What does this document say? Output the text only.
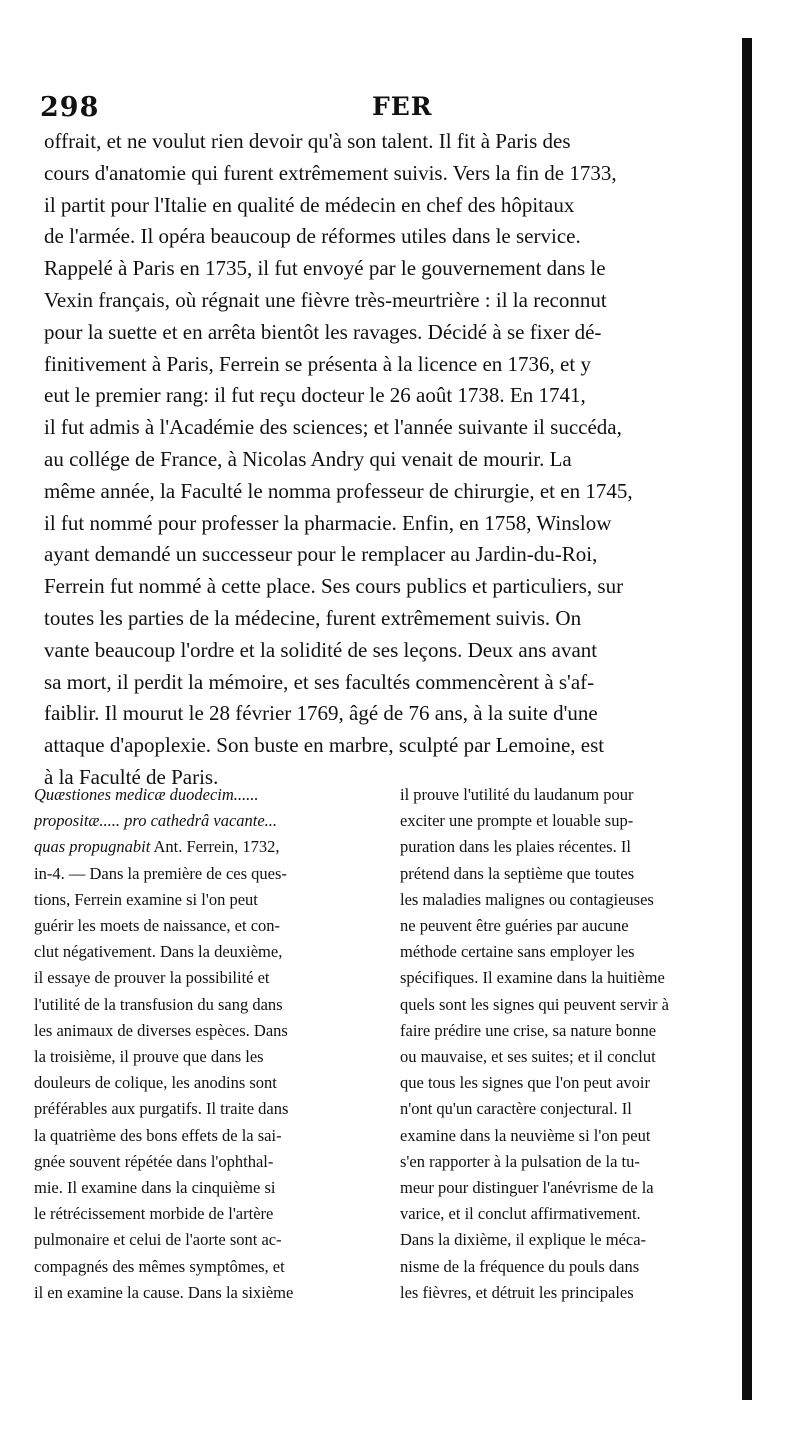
298	FER

offrait, et ne voulut rien devoir qu'à son talent. Il fit à Paris des
cours d'anatomie qui furent extrêmement suivis. Vers la fin de 1733,
il partit pour l'Italie en qualité de médecin en chef des hôpitaux
de l'armée. Il opéra beaucoup de réformes utiles dans le service.
Rappelé à Paris en 1735, il fut envoyé par le gouvernement dans le
Vexin français, où régnait une fièvre très-meurtrière : il la reconnut
pour la suette et en arrêta bientôt les ravages. Décidé à se fixer dé-
finitivement à Paris, Ferrein se présenta à la licence en 1736, et y
eut le premier rang: il fut reçu docteur le 26 août 1738. En 1741,
il fut admis à l'Académie des sciences; et l'année suivante il succéda,
au collége de France, à Nicolas Andry qui venait de mourir. La
même année, la Faculté le nomma professeur de chirurgie, et en 1745,
il fut nommé pour professer la pharmacie. Enfin, en 1758, Winslow
ayant demandé un successeur pour le remplacer au Jardin-du-Roi,
Ferrein fut nommé à cette place. Ses cours publics et particuliers, sur
toutes les parties de la médecine, furent extrêmement suivis. On
vante beaucoup l'ordre et la solidité de ses leçons. Deux ans avant
sa mort, il perdit la mémoire, et ses facultés commencèrent à s'af-
faiblir. Il mourut le 28 février 1769, âgé de 76 ans, à la suite d'une
attaque d'apoplexie. Son buste en marbre, sculpté par Lemoine, est
à la Faculté de Paris.

Quæstiones medicæ duodecim......
propositæ..... pro cathedrâ vacante...
quas propugnabit Ant. Ferrein, 1732,
in-4. — Dans la première de ces ques-
tions, Ferrein examine si l'on peut
guérir les moets de naissance, et con-
clut négativement. Dans la deuxième,
il essaye de prouver la possibilité et
l'utilité de la transfusion du sang dans
les animaux de diverses espèces. Dans
la troisième, il prouve que dans les
douleurs de colique, les anodins sont
préférables aux purgatifs. Il traite dans
la quatrième des bons effets de la sai-
gnée souvent répétée dans l'ophthal-
mie. Il examine dans la cinquième si
le rétrécissement morbide de l'artère
pulmonaire et celui de l'aorte sont ac-
compagnés des mêmes symptômes, et
il en examine la cause. Dans la sixième

il prouve l'utilité du laudanum pour
exciter une prompte et louable sup-
puration dans les plaies récentes. Il
prétend dans la septième que toutes
les maladies malignes ou contagieuses
ne peuvent être guéries par aucune
méthode certaine sans employer les
spécifiques. Il examine dans la huitième
quels sont les signes qui peuvent servir à
faire prédire une crise, sa nature bonne
ou mauvaise, et ses suites; et il conclut
que tous les signes que l'on peut avoir
n'ont qu'un caractère conjectural. Il
examine dans la neuvième si l'on peut
s'en rapporter à la pulsation de la tu-
meur pour distinguer l'anévrisme de la
varice, et il conclut affirmativement.
Dans la dixième, il explique le méca-
nisme de la fréquence du pouls dans
les fièvres, et détruit les principales
